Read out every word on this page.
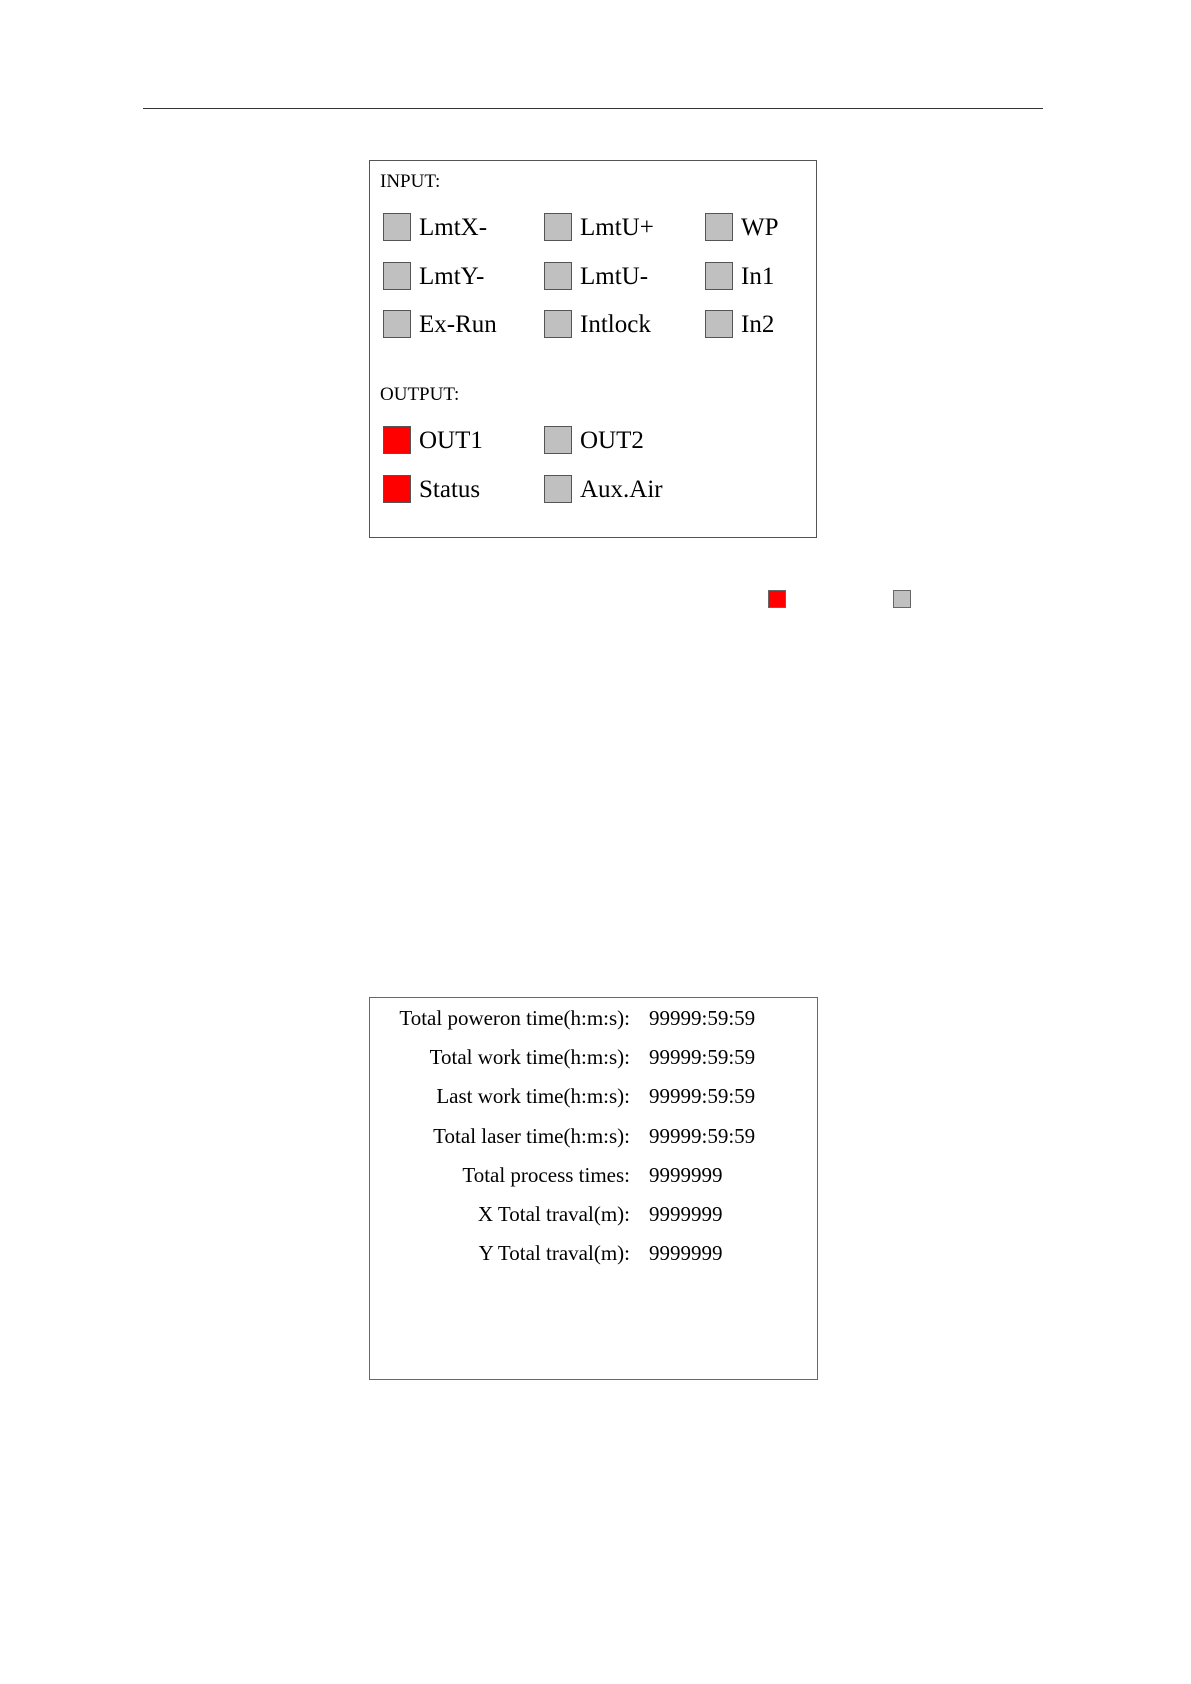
INPUT:
LmtX-	LmtU+	WP
LmtY-	LmtU-	In1
Ex-Run	Intlock	In2
OUTPUT:
OUT1	OUT2
Status	Aux.Air
Total poweron time(h:m:s): 99999:59:59
Total work time(h:m:s): 99999:59:59
Last work time(h:m:s): 99999:59:59
Total laser time(h:m:s): 99999:59:59
Total process times: 9999999
X Total traval(m): 9999999
Y Total traval(m): 9999999
